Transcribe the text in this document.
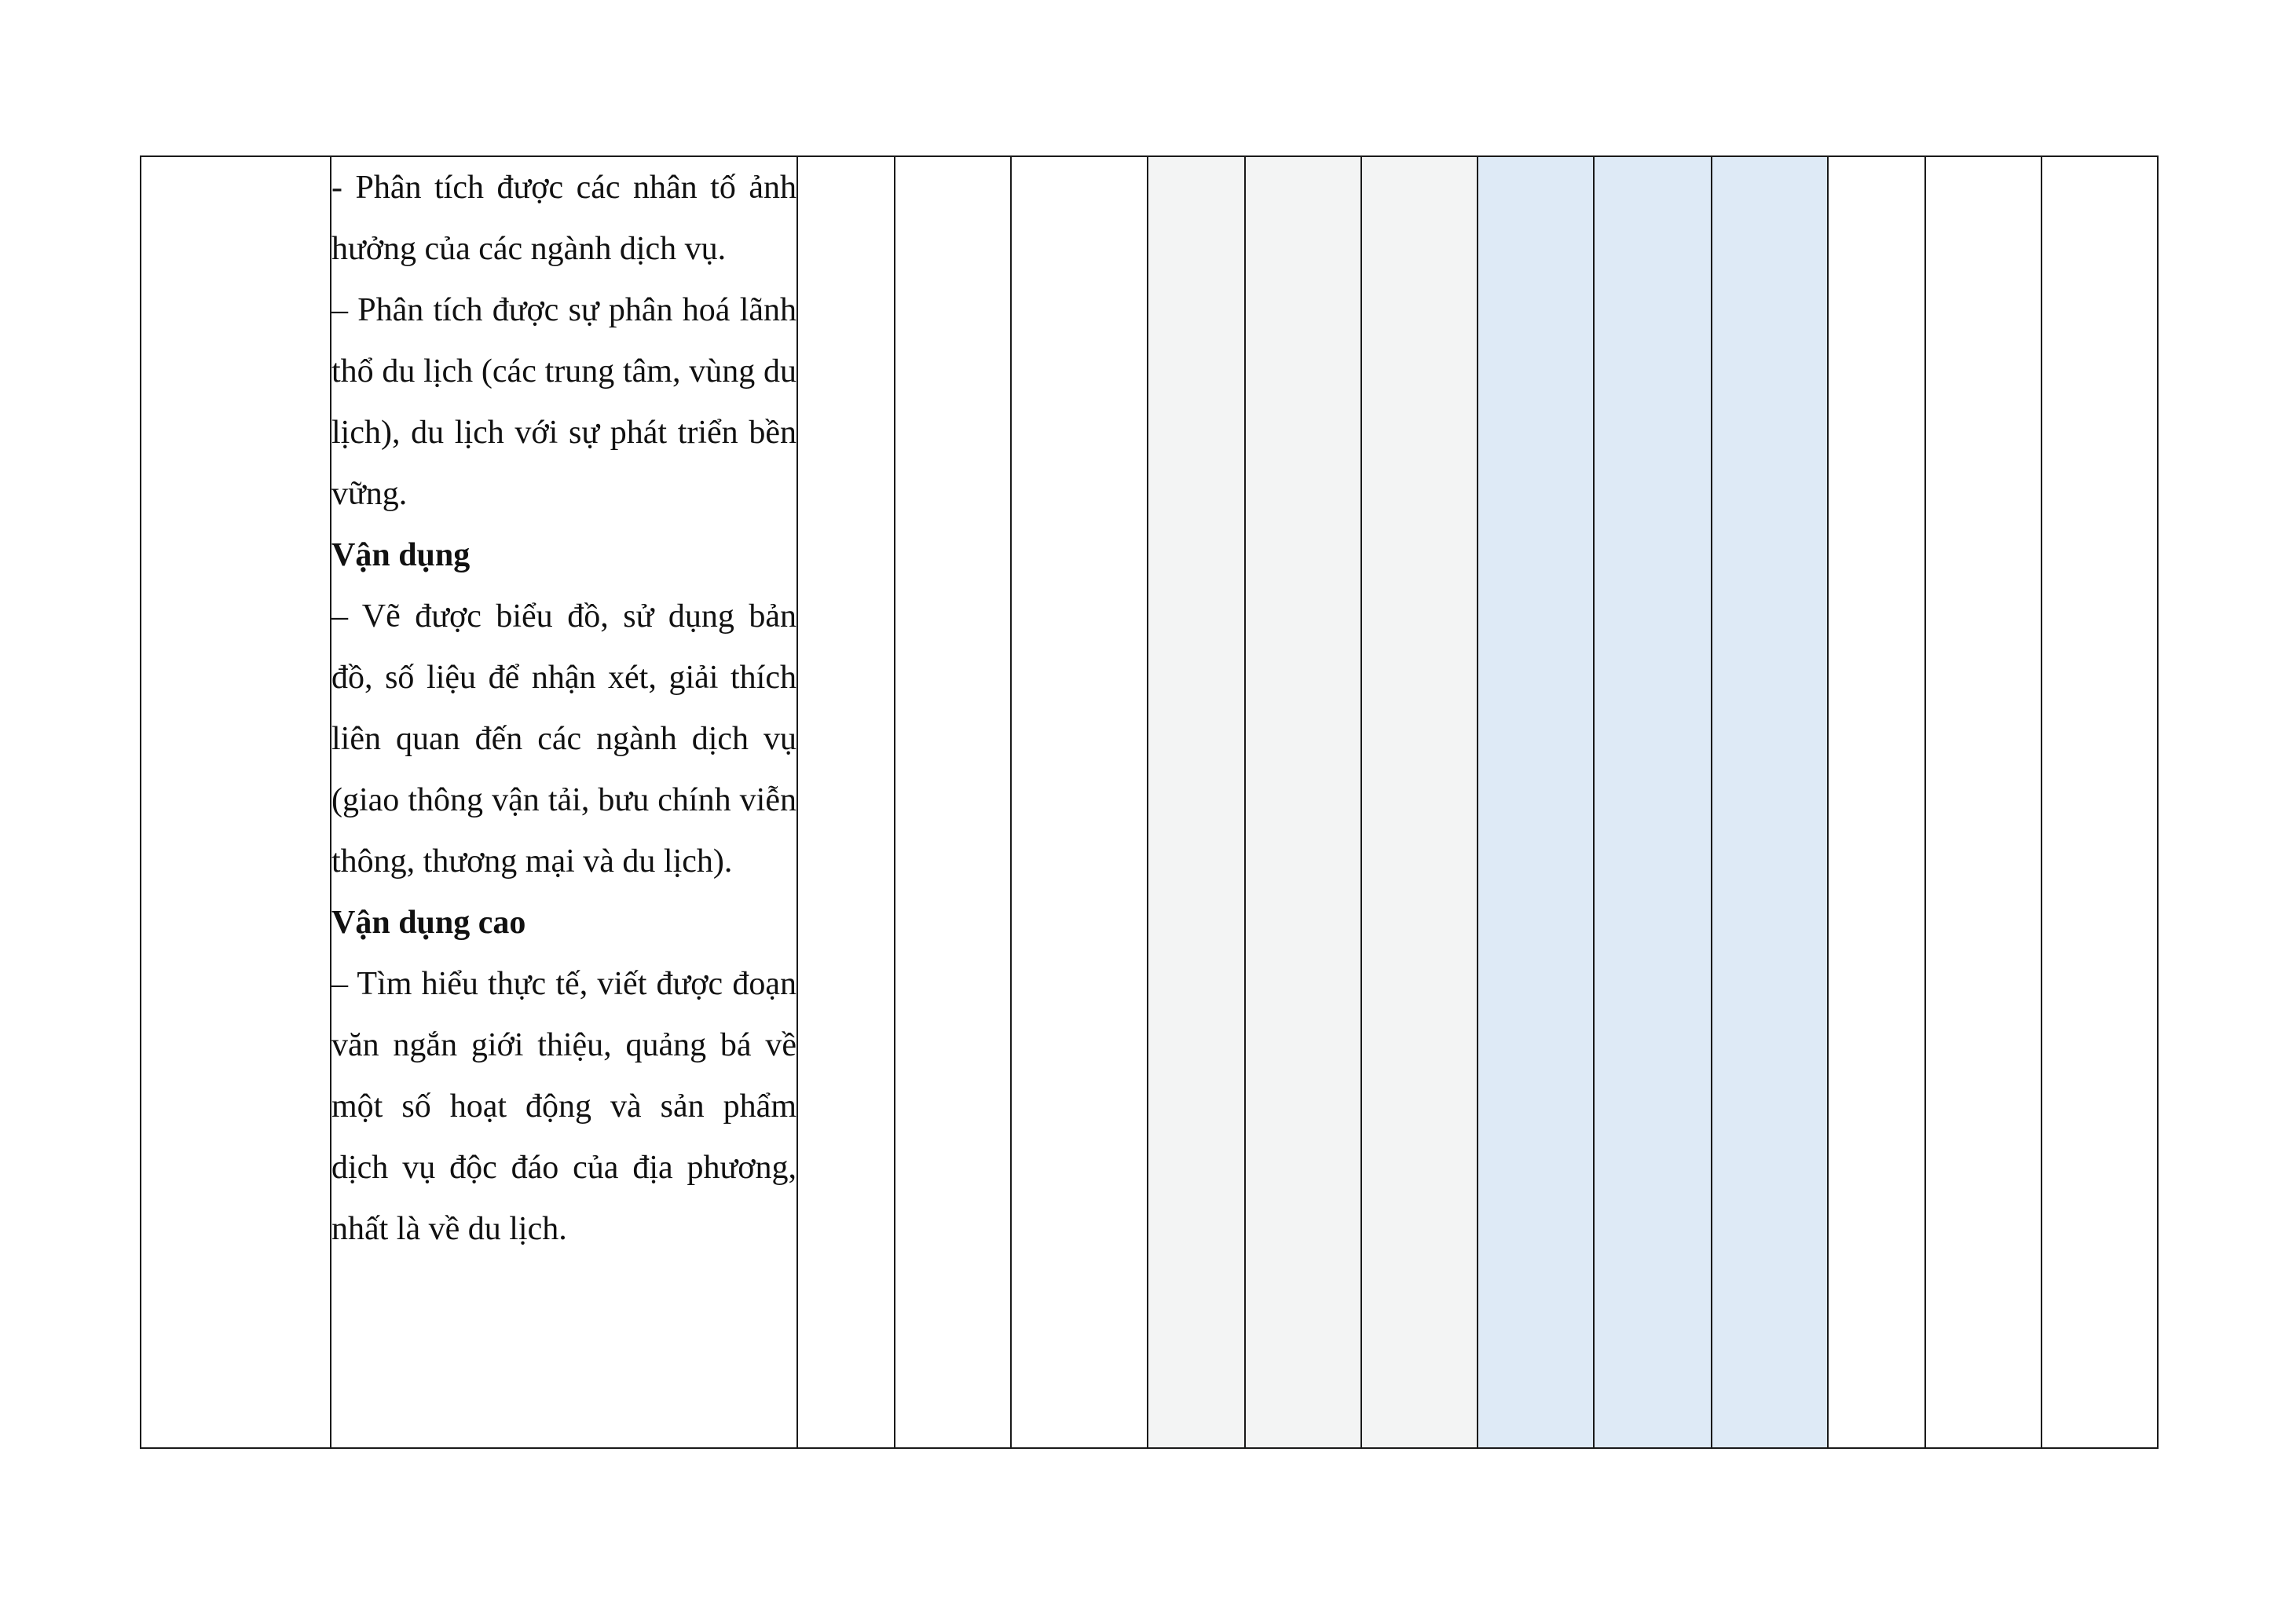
- Phân tích được các nhân tố ảnh hưởng của các ngành dịch vụ.

– Phân tích được sự phân hoá lãnh thổ du lịch (các trung tâm, vùng du lịch), du lịch với sự phát triển bền vững.

Vận dụng

– Vẽ được biểu đồ, sử dụng bản đồ, số liệu để nhận xét, giải thích liên quan đến các ngành dịch vụ (giao thông vận tải, bưu chính viễn thông, thương mại và du lịch).

Vận dụng cao

– Tìm hiểu thực tế, viết được đoạn văn ngắn giới thiệu, quảng bá về một số hoạt động và sản phẩm dịch vụ độc đáo của địa phương, nhất là về du lịch.
